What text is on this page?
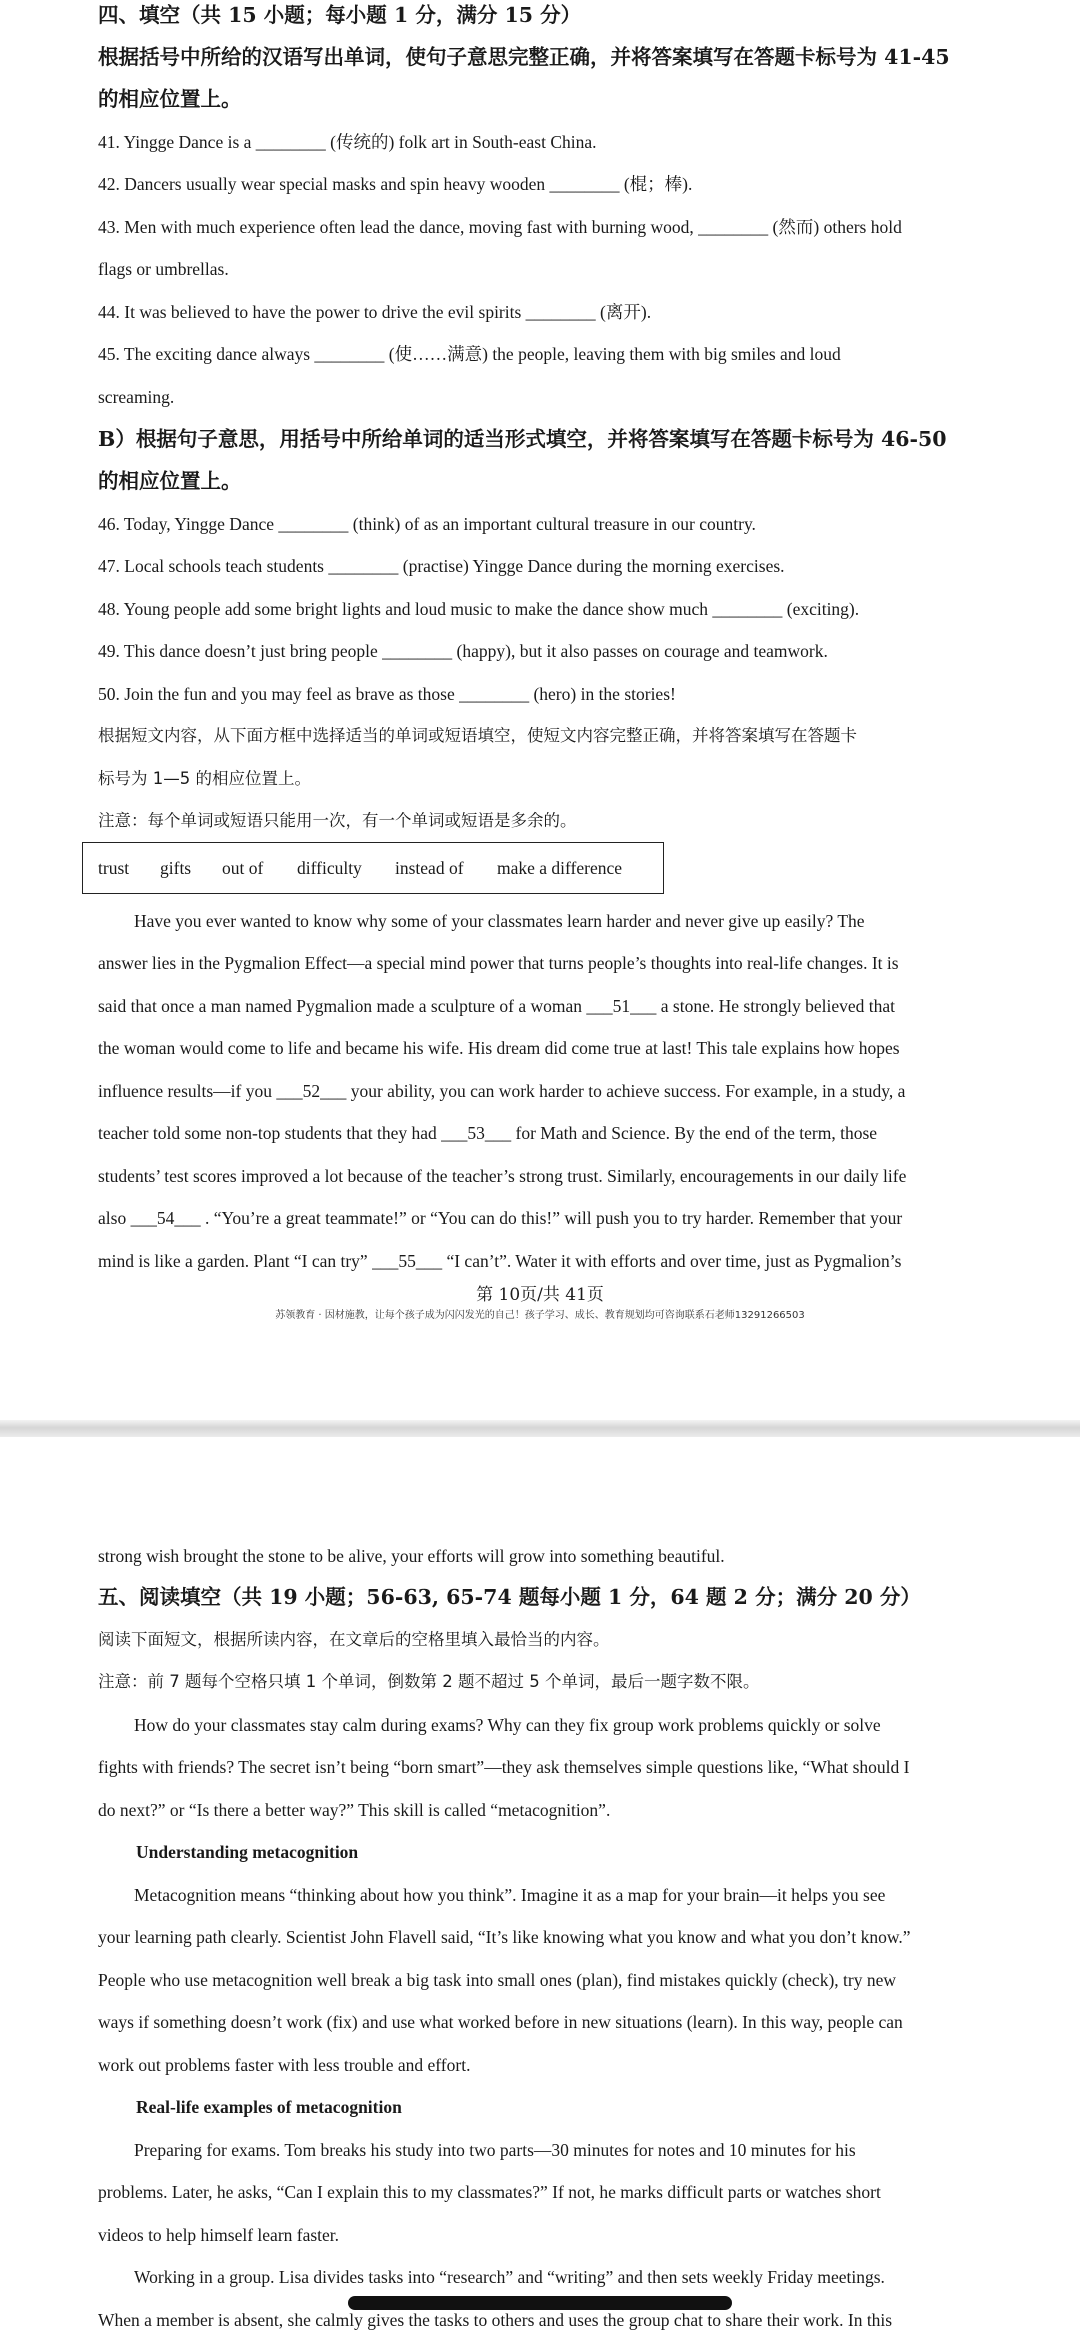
四、填空（共 15 小题；每小题 1 分，满分 15 分）
根据括号中所给的汉语写出单词，使句子意思完整正确，并将答案填写在答题卡标号为 41-45
的相应位置上。
41. Yingge Dance is a ________ (传统的) folk art in South-east China.
42. Dancers usually wear special masks and spin heavy wooden ________ (棍；棒).
43. Men with much experience often lead the dance, moving fast with burning wood, ________ (然而) others hold
flags or umbrellas.
44. It was believed to have the power to drive the evil spirits ________ (离开).
45. The exciting dance always ________ (使……满意) the people, leaving them with big smiles and loud
screaming.
B）根据句子意思，用括号中所给单词的适当形式填空，并将答案填写在答题卡标号为 46-50
的相应位置上。
46. Today, Yingge Dance ________ (think) of as an important cultural treasure in our country.
47. Local schools teach students ________ (practise) Yingge Dance during the morning exercises.
48. Young people add some bright lights and loud music to make the dance show much ________ (exciting).
49. This dance doesn’t just bring people ________ (happy), but it also passes on courage and teamwork.
50. Join the fun and you may feel as brave as those ________ (hero) in the stories!
根据短文内容，从下面方框中选择适当的单词或短语填空，使短文内容完整正确，并将答案填写在答题卡
标号为 1—5 的相应位置上。
注意：每个单词或短语只能用一次，有一个单词或短语是多余的。
trust gifts out of difficulty instead of make a difference
Have you ever wanted to know why some of your classmates learn harder and never give up easily? The
answer lies in the Pygmalion Effect—a special mind power that turns people’s thoughts into real-life changes. It is
said that once a man named Pygmalion made a sculpture of a woman ___51___ a stone. He strongly believed that
the woman would come to life and became his wife. His dream did come true at last! This tale explains how hopes
influence results—if you ___52___ your ability, you can work harder to achieve success. For example, in a study, a
teacher told some non-top students that they had ___53___ for Math and Science. By the end of the term, those
students’ test scores improved a lot because of the teacher’s strong trust. Similarly, encouragements in our daily life
also ___54___ . “You’re a great teammate!” or “You can do this!” will push you to try harder. Remember that your
mind is like a garden. Plant “I can try” ___55___ “I can’t”. Water it with efforts and over time, just as Pygmalion’s
第 10页/共 41页
苏领教育 · 因材施教，让每个孩子成为闪闪发光的自己！孩子学习、成长、教育规划均可咨询联系石老师13291266503
strong wish brought the stone to be alive, your efforts will grow into something beautiful.
五、阅读填空（共 19 小题；56-63, 65-74 题每小题 1 分，64 题 2 分；满分 20 分）
阅读下面短文，根据所读内容，在文章后的空格里填入最恰当的内容。
注意：前 7 题每个空格只填 1 个单词，倒数第 2 题不超过 5 个单词，最后一题字数不限。
How do your classmates stay calm during exams? Why can they fix group work problems quickly or solve
fights with friends? The secret isn’t being “born smart”—they ask themselves simple questions like, “What should I
do next?” or “Is there a better way?” This skill is called “metacognition”.
Understanding metacognition
Metacognition means “thinking about how you think”. Imagine it as a map for your brain—it helps you see
your learning path clearly. Scientist John Flavell said, “It’s like knowing what you know and what you don’t know.”
People who use metacognition well break a big task into small ones (plan), find mistakes quickly (check), try new
ways if something doesn’t work (fix) and use what worked before in new situations (learn). In this way, people can
work out problems faster with less trouble and effort.
Real-life examples of metacognition
Preparing for exams. Tom breaks his study into two parts—30 minutes for notes and 10 minutes for his
problems. Later, he asks, “Can I explain this to my classmates?” If not, he marks difficult parts or watches short
videos to help himself learn faster.
Working in a group. Lisa divides tasks into “research” and “writing” and then sets weekly Friday meetings.
When a member is absent, she calmly gives the tasks to others and uses the group chat to share their work. In this
